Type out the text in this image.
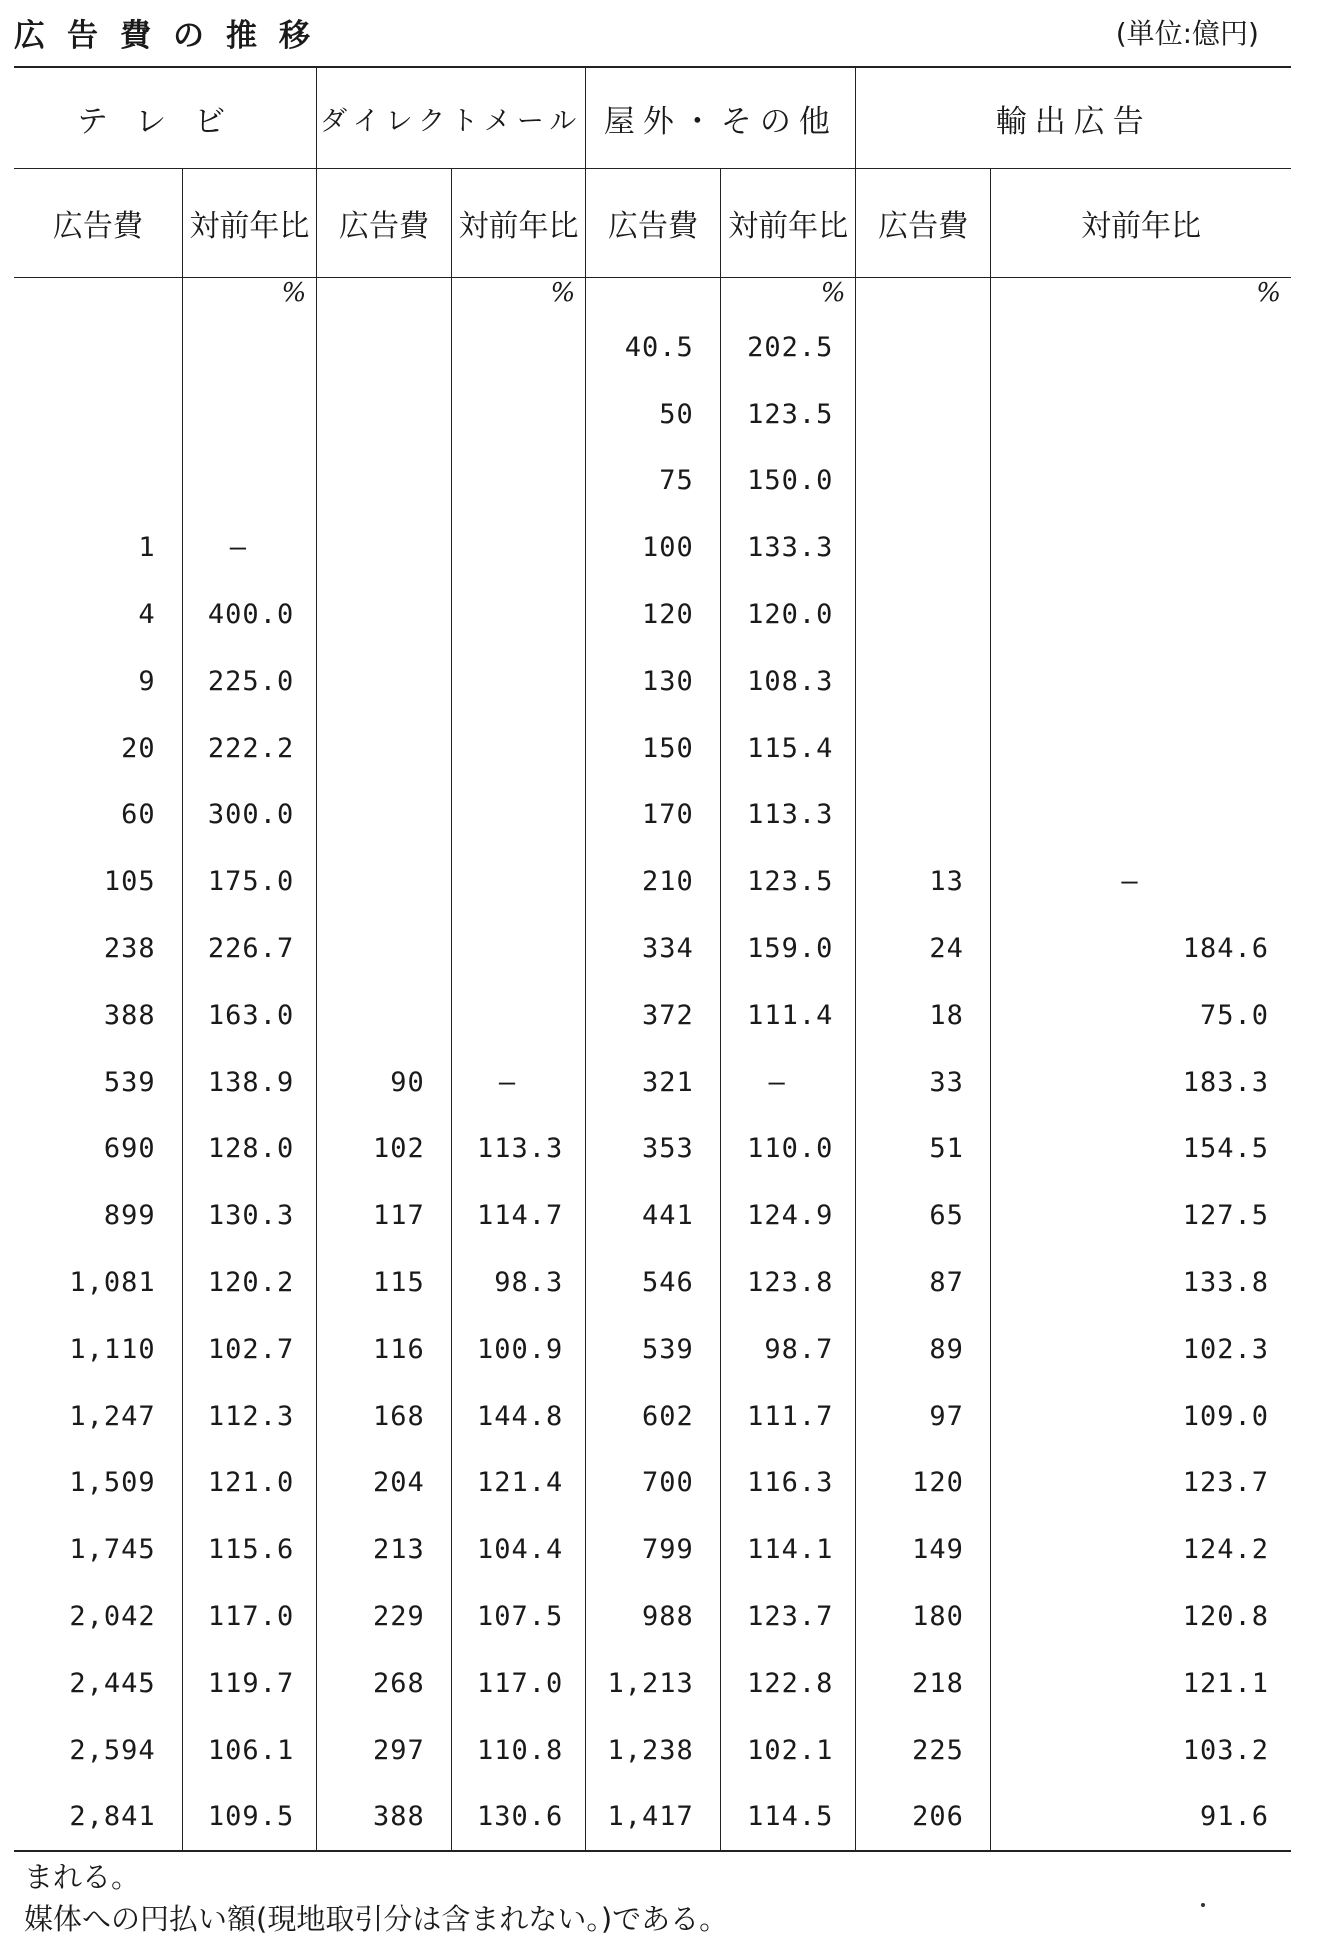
広告費の推移	(単位:億円)
テレビ		ダイレクトメール		屋外・その他		輸出広告	
広告費	対前年比	広告費	対前年比	広告費	対前年比	広告費	対前年比
	%		%		%		%
				40.5	202.5		
				50	123.5		
				75	150.0		
1	—			100	133.3		
4	400.0			120	120.0		
9	225.0			130	108.3		
20	222.2			150	115.4		
60	300.0			170	113.3		
105	175.0			210	123.5	13	—
238	226.7			334	159.0	24	184.6
388	163.0			372	111.4	18	75.0
539	138.9	90	—	321	—	33	183.3
690	128.0	102	113.3	353	110.0	51	154.5
899	130.3	117	114.7	441	124.9	65	127.5
1,081	120.2	115	98.3	546	123.8	87	133.8
1,110	102.7	116	100.9	539	98.7	89	102.3
1,247	112.3	168	144.8	602	111.7	97	109.0
1,509	121.0	204	121.4	700	116.3	120	123.7
1,745	115.6	213	104.4	799	114.1	149	124.2
2,042	117.0	229	107.5	988	123.7	180	120.8
2,445	119.7	268	117.0	1,213	122.8	218	121.1
2,594	106.1	297	110.8	1,238	102.1	225	103.2
2,841	109.5	388	130.6	1,417	114.5	206	91.6
まれる。
媒体への円払い額(現地取引分は含まれない。)である。
